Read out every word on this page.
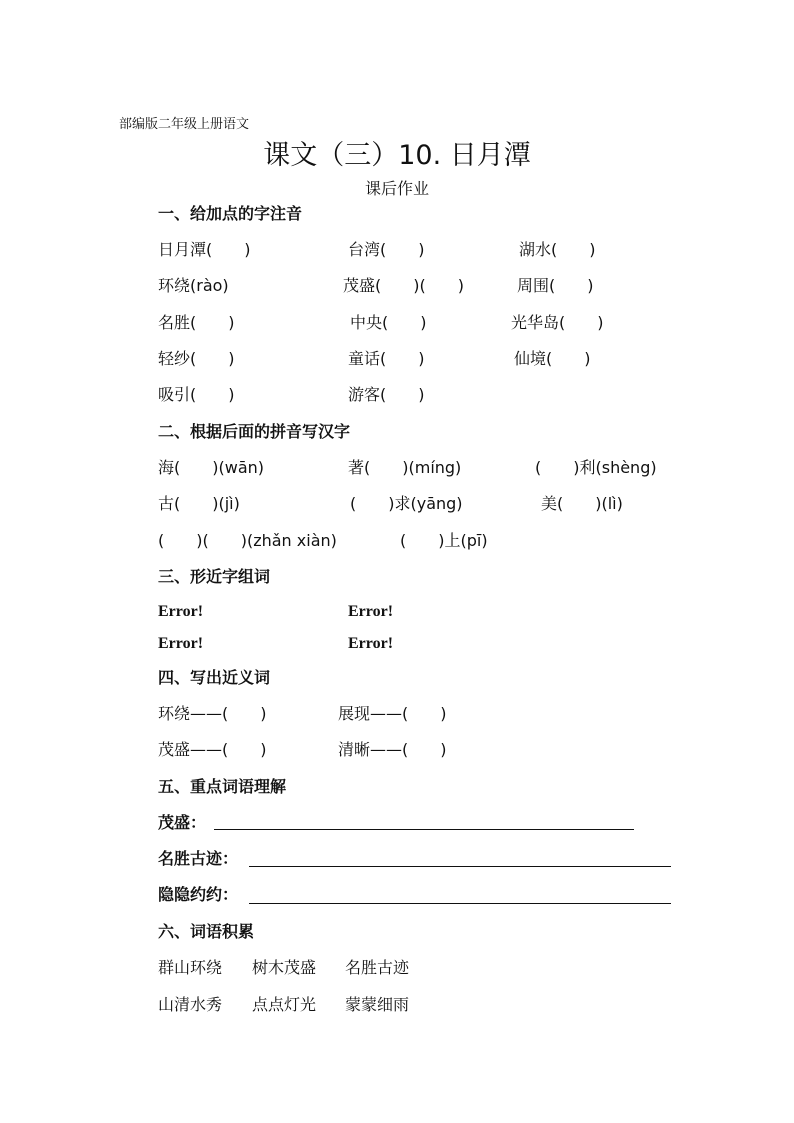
部编版二年级上册语文
课文（三）10. 日月潭
课后作业
一、给加点的字注音
日月潭(　　)	台湾(　　)	湖水(　　)
环绕(rào)	茂盛(　　)(　　)	周围(　　)
名胜(　　)	中央(　　)	光华岛(　　)
轻纱(　　)	童话(　　)	仙境(　　)
吸引(　　)	游客(　　)
二、根据后面的拼音写汉字
海(　　)(wān)	著(　　)(míng)	(　　)利(shèng)
古(　　)(jì)	(　　)求(yāng)	美(　　)(lì)
(　　)(　　)(zhǎn xiàn)	(　　)上(pī)
三、形近字组词
Error!	Error!
Error!	Error!
四、写出近义词
环绕——(　　)	展现——(　　)
茂盛——(　　)	清晰——(　　)
五、重点词语理解
茂盛：
名胜古迹：
隐隐约约：
六、词语积累
群山环绕 树木茂盛 名胜古迹
山清水秀 点点灯光 蒙蒙细雨
